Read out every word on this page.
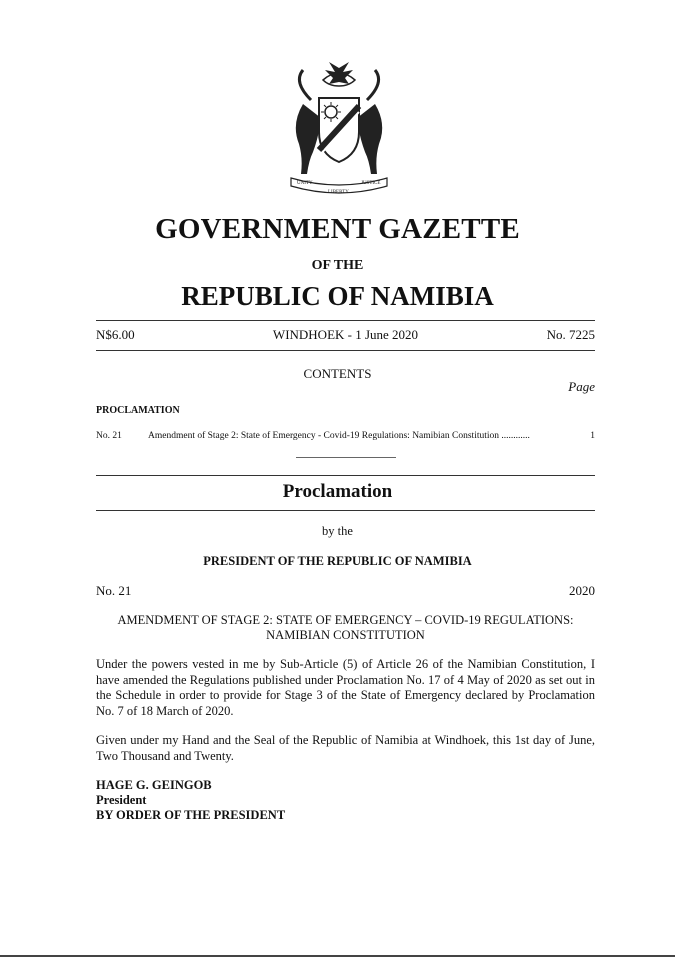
UNITY
LIBERTY
JUSTICE
GOVERNMENT GAZETTE
OF THE
REPUBLIC OF NAMIBIA
N$6.00	WINDHOEK - 1 June 2020	No. 7225
CONTENTS
Page
PROCLAMATION
No. 21	Amendment of Stage 2: State of Emergency - Covid-19 Regulations: Namibian Constitution ............	1
Proclamation
by the
PRESIDENT OF THE REPUBLIC OF NAMIBIA
No. 21	2020
AMENDMENT OF STAGE 2: STATE OF EMERGENCY – COVID-19 REGULATIONS:
NAMIBIAN CONSTITUTION
Under the powers vested in me by Sub-Article (5) of Article 26 of the Namibian Constitution, I have amended the Regulations published under Proclamation No. 17 of 4 May of 2020 as set out in the Schedule in order to provide for Stage 3 of the State of Emergency declared by Proclamation No. 7 of 18 March of 2020.
Given under my Hand and the Seal of the Republic of Namibia at Windhoek, this 1st day of June, Two Thousand and Twenty.
HAGE G. GEINGOB
President
BY ORDER OF THE PRESIDENT
